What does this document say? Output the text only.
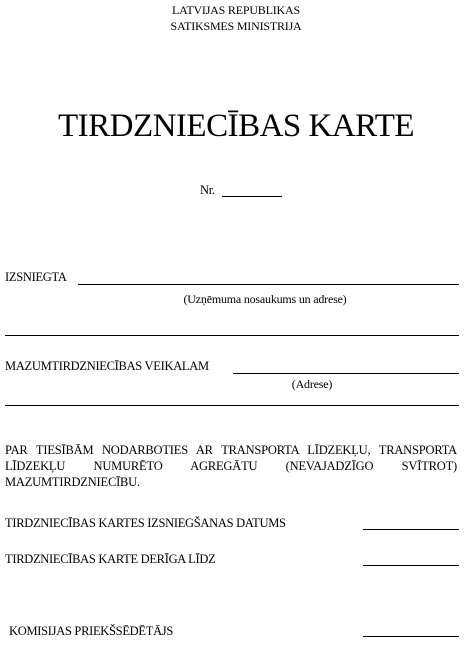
LATVIJAS REPUBLIKAS
SATIKSMES MINISTRIJA
TIRDZNIECĪBAS KARTE
Nr.
IZSNIEGTA
(Uzņēmuma nosaukums un adrese)
MAZUMTIRDZNIECĪBAS VEIKALAM
(Adrese)
PAR TIESĪBĀM NODARBOTIES AR TRANSPORTA LĪDZEKĻU, TRANSPORTA LĪDZEKĻU NUMURĒTO AGREGĀTU (NEVAJADZĪGO SVĪTROT) MAZUMTIRDZNIECĪBU.
TIRDZNIECĪBAS KARTES IZSNIEGŠANAS DATUMS
TIRDZNIECĪBAS KARTE DERĪGA LĪDZ
KOMISIJAS PRIEKŠSĒDĒTĀJS
